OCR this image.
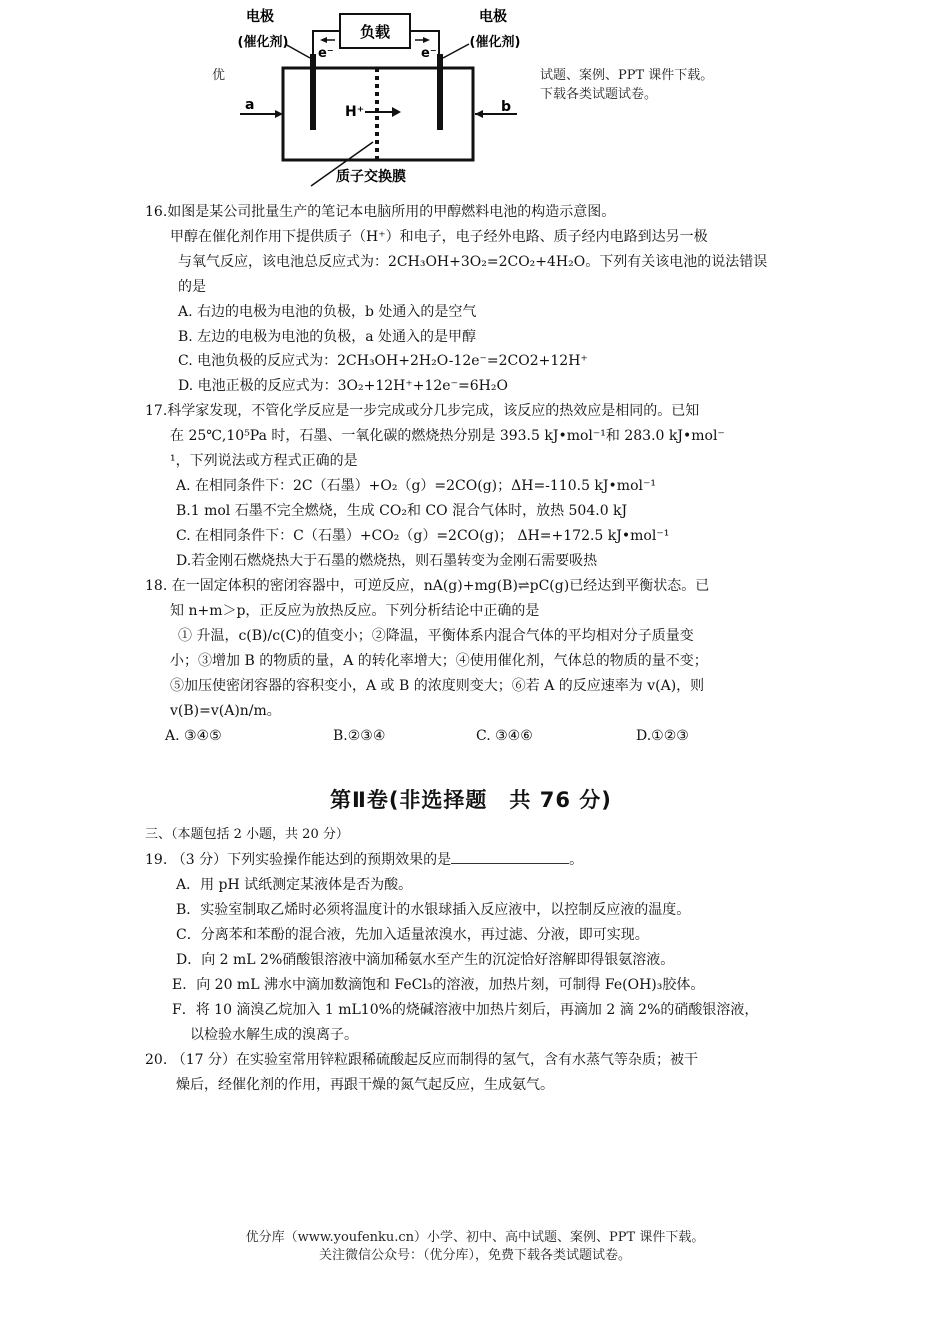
负载
e⁻	e⁻
电极
(催化剂)
电极
(催化剂)
H⁺
a	b
质子交换膜
优	试题、案例、PPT 课件下载。
下载各类试题试卷。
16.如图是某公司批量生产的笔记本电脑所用的甲醇燃料电池的构造示意图。
甲醇在催化剂作用下提供质子（H⁺）和电子，电子经外电路、质子经内电路到达另一极
与氧气反应，该电池总反应式为：2CH₃OH+3O₂=2CO₂+4H₂O。下列有关该电池的说法错误
的是
A. 右边的电极为电池的负极，b 处通入的是空气
B. 左边的电极为电池的负极，a 处通入的是甲醇
C. 电池负极的反应式为：2CH₃OH+2H₂O-12e⁻=2CO2+12H⁺
D. 电池正极的反应式为：3O₂+12H⁺+12e⁻=6H₂O
17.科学家发现，不管化学反应是一步完成或分几步完成，该反应的热效应是相同的。已知
在 25℃,10⁵Pa 时，石墨、一氧化碳的燃烧热分别是 393.5 kJ•mol⁻¹和 283.0 kJ•mol⁻
¹，下列说法或方程式正确的是
A. 在相同条件下：2C（石墨）+O₂（g）=2CO(g)；ΔH=-110.5 kJ•mol⁻¹
B.1 mol 石墨不完全燃烧，生成 CO₂和 CO 混合气体时，放热 504.0 kJ
C. 在相同条件下：C（石墨）+CO₂（g）=2CO(g)； ΔH=+172.5 kJ•mol⁻¹
D.若金刚石燃烧热大于石墨的燃烧热，则石墨转变为金刚石需要吸热
18. 在一固定体积的密闭容器中，可逆反应，nA(g)+mg(B)⇌pC(g)已经达到平衡状态。已
知 n+m＞p，正反应为放热反应。下列分析结论中正确的是
① 升温，c(B)/c(C)的值变小；②降温，平衡体系内混合气体的平均相对分子质量变
小；③增加 B 的物质的量，A 的转化率增大；④使用催化剂，气体总的物质的量不变；
⑤加压使密闭容器的容积变小，A 或 B 的浓度则变大；⑥若 A 的反应速率为 v(A)，则
v(B)=v(A)n/m。
A. ③④⑤	B.②③④	C. ③④⑥	D.①②③
第Ⅱ卷(非选择题　共 76 分)
三、（本题包括 2 小题，共 20 分）
19. （3 分）下列实验操作能达到的预期效果的是	。
A．用 pH 试纸测定某液体是否为酸。
B．实验室制取乙烯时必须将温度计的水银球插入反应液中，以控制反应液的温度。
C．分离苯和苯酚的混合液，先加入适量浓溴水，再过滤、分液，即可实现。
D．向 2 mL 2%硝酸银溶液中滴加稀氨水至产生的沉淀恰好溶解即得银氨溶液。
E．向 20 mL 沸水中滴加数滴饱和 FeCl₃的溶液，加热片刻，可制得 Fe(OH)₃胶体。
F．将 10 滴溴乙烷加入 1 mL10%的烧碱溶液中加热片刻后，再滴加 2 滴 2%的硝酸银溶液，
以检验水解生成的溴离子。
20. （17 分）在实验室常用锌粒跟稀硫酸起反应而制得的氢气，含有水蒸气等杂质；被干
燥后，经催化剂的作用，再跟干燥的氮气起反应，生成氨气。
优分库（www.youfenku.cn）小学、初中、高中试题、案例、PPT 课件下载。
关注微信公众号：（优分库），免费下载各类试题试卷。
